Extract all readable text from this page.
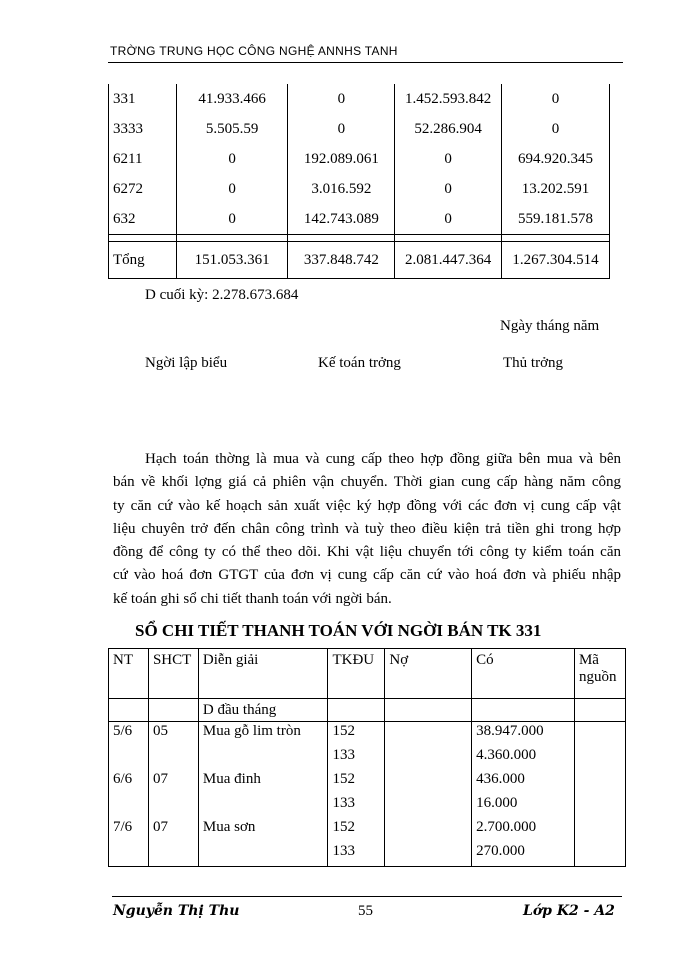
TRỜNG TRUNG HỌC CÔNG NGHỆ ANNHS TANH
331	41.933.466	0	1.452.593.842	0
3333	5.505.59	0	52.286.904	0
6211	0	192.089.061	0	694.920.345
6272	0	3.016.592	0	13.202.591
632	0	142.743.089	0	559.181.578

Tổng	151.053.361	337.848.742	2.081.447.364	1.267.304.514
D cuối kỳ: 2.278.673.684
Ngày tháng năm
Ngời lập biểu	Kế toán trởng	Thủ trởng
Hạch toán thờng là mua và cung cấp theo hợp đồng giữa bên mua và bên
bán về khối lợng giá cả phiên vận chuyển. Thời gian cung cấp hàng năm công
ty căn cứ vào kế hoạch sản xuất việc ký hợp đồng với các đơn vị cung cấp vật
liệu chuyên trở đến chân công trình và tuỳ theo điều kiện trả tiền ghi trong hợp
đồng để công ty có thể theo dõi. Khi vật liệu chuyển tới công ty kiểm toán căn
cứ vào hoá đơn GTGT của đơn vị cung cấp căn cứ vào hoá đơn và phiếu nhập
kế toán ghi sổ chi tiết thanh toán với ngời bán.
SỔ CHI TIẾT THANH TOÁN VỚI NGỜI BÁN TK 331
NT	SHCT	Diễn giải	TKĐU	Nợ	Có	Mã nguồn
		D đầu tháng				
5/6	05	Mua gỗ lim tròn	152		38.947.000	
			133		4.360.000	
6/6	07	Mua đinh	152		436.000	
			133		16.000	
7/6	07	Mua sơn	152		2.700.000	
			133		270.000	
Nguyễn Thị Thu	55	Lớp K2 - A2
